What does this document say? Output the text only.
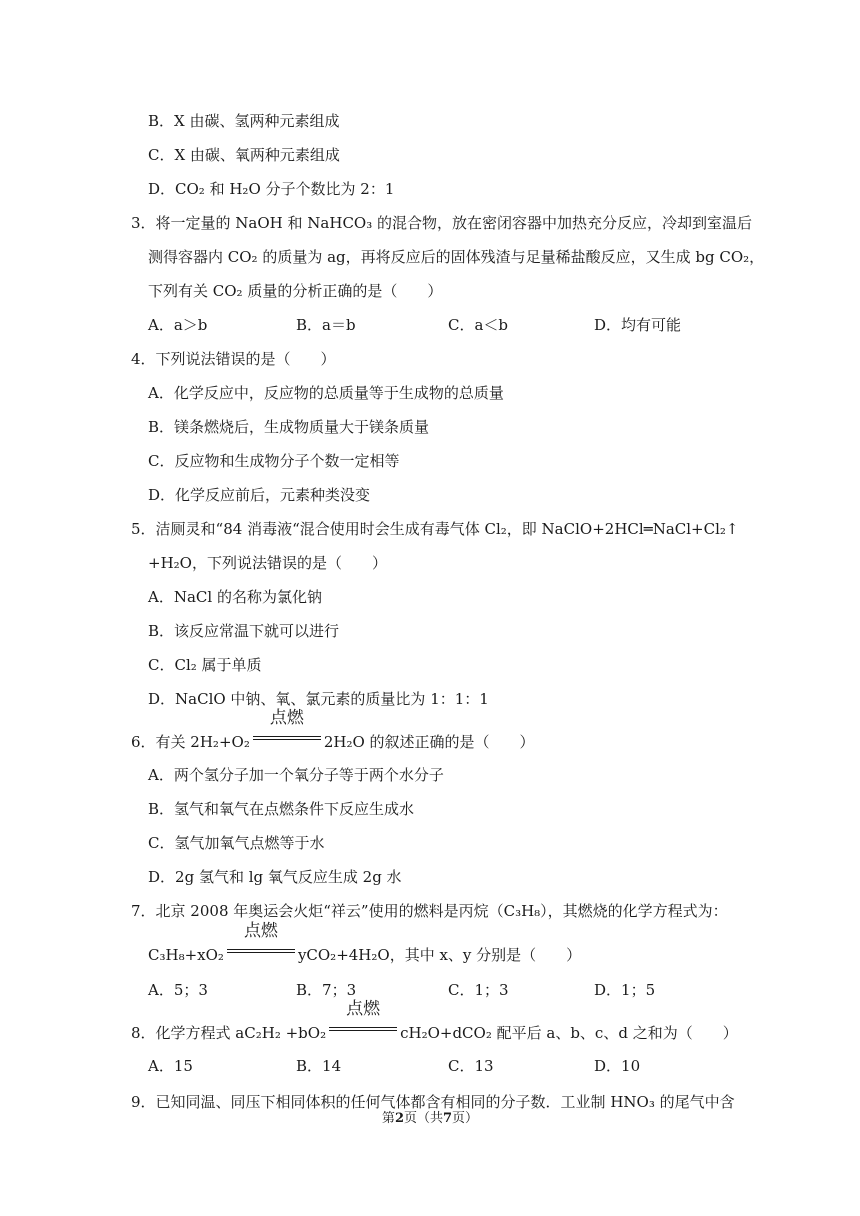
B．X 由碳、氢两种元素组成
C．X 由碳、氧两种元素组成
D．CO₂ 和 H₂O 分子个数比为 2：1
3．将一定量的 NaOH 和 NaHCO₃ 的混合物，放在密闭容器中加热充分反应，冷却到室温后
测得容器内 CO₂ 的质量为 ag，再将反应后的固体残渣与足量稀盐酸反应，又生成 bg CO₂，
下列有关 CO₂ 质量的分析正确的是（　　）
A．a＞b	B．a＝b	C．a＜b	D．均有可能
4．下列说法错误的是（　　）
A．化学反应中，反应物的总质量等于生成物的总质量
B．镁条燃烧后，生成物质量大于镁条质量
C．反应物和生成物分子个数一定相等
D．化学反应前后，元素种类没变
5．洁厕灵和“84 消毒液“混合使用时会生成有毒气体 Cl₂，即 NaClO+2HCl═NaCl+Cl₂↑
+H₂O，下列说法错误的是（　　）
A．NaCl 的名称为氯化钠
B．该反应常温下就可以进行
C．Cl₂ 属于单质
D．NaClO 中钠、氧、氯元素的质量比为 1：1：1
6．有关 2H₂+O₂
点燃
2H₂O 的叙述正确的是（　　）
A．两个氢分子加一个氧分子等于两个水分子
B．氢气和氧气在点燃条件下反应生成水
C．氢气加氧气点燃等于水
D．2g 氢气和 lg 氧气反应生成 2g 水
7．北京 2008 年奥运会火炬“祥云”使用的燃料是丙烷（C₃H₈），其燃烧的化学方程式为：
C₃H₈+xO₂
点燃
yCO₂+4H₂O，其中 x、y 分别是（　　）
A．5；3	B．7；3	C．1；3	D．1；5
8．化学方程式 aC₂H₂ +bO₂
点燃
cH₂O+dCO₂ 配平后 a、b、c、d 之和为（　　）
A．15	B．14	C．13	D．10
9．已知同温、同压下相同体积的任何气体都含有相同的分子数．工业制 HNO₃ 的尾气中含
第2页（共7页）
